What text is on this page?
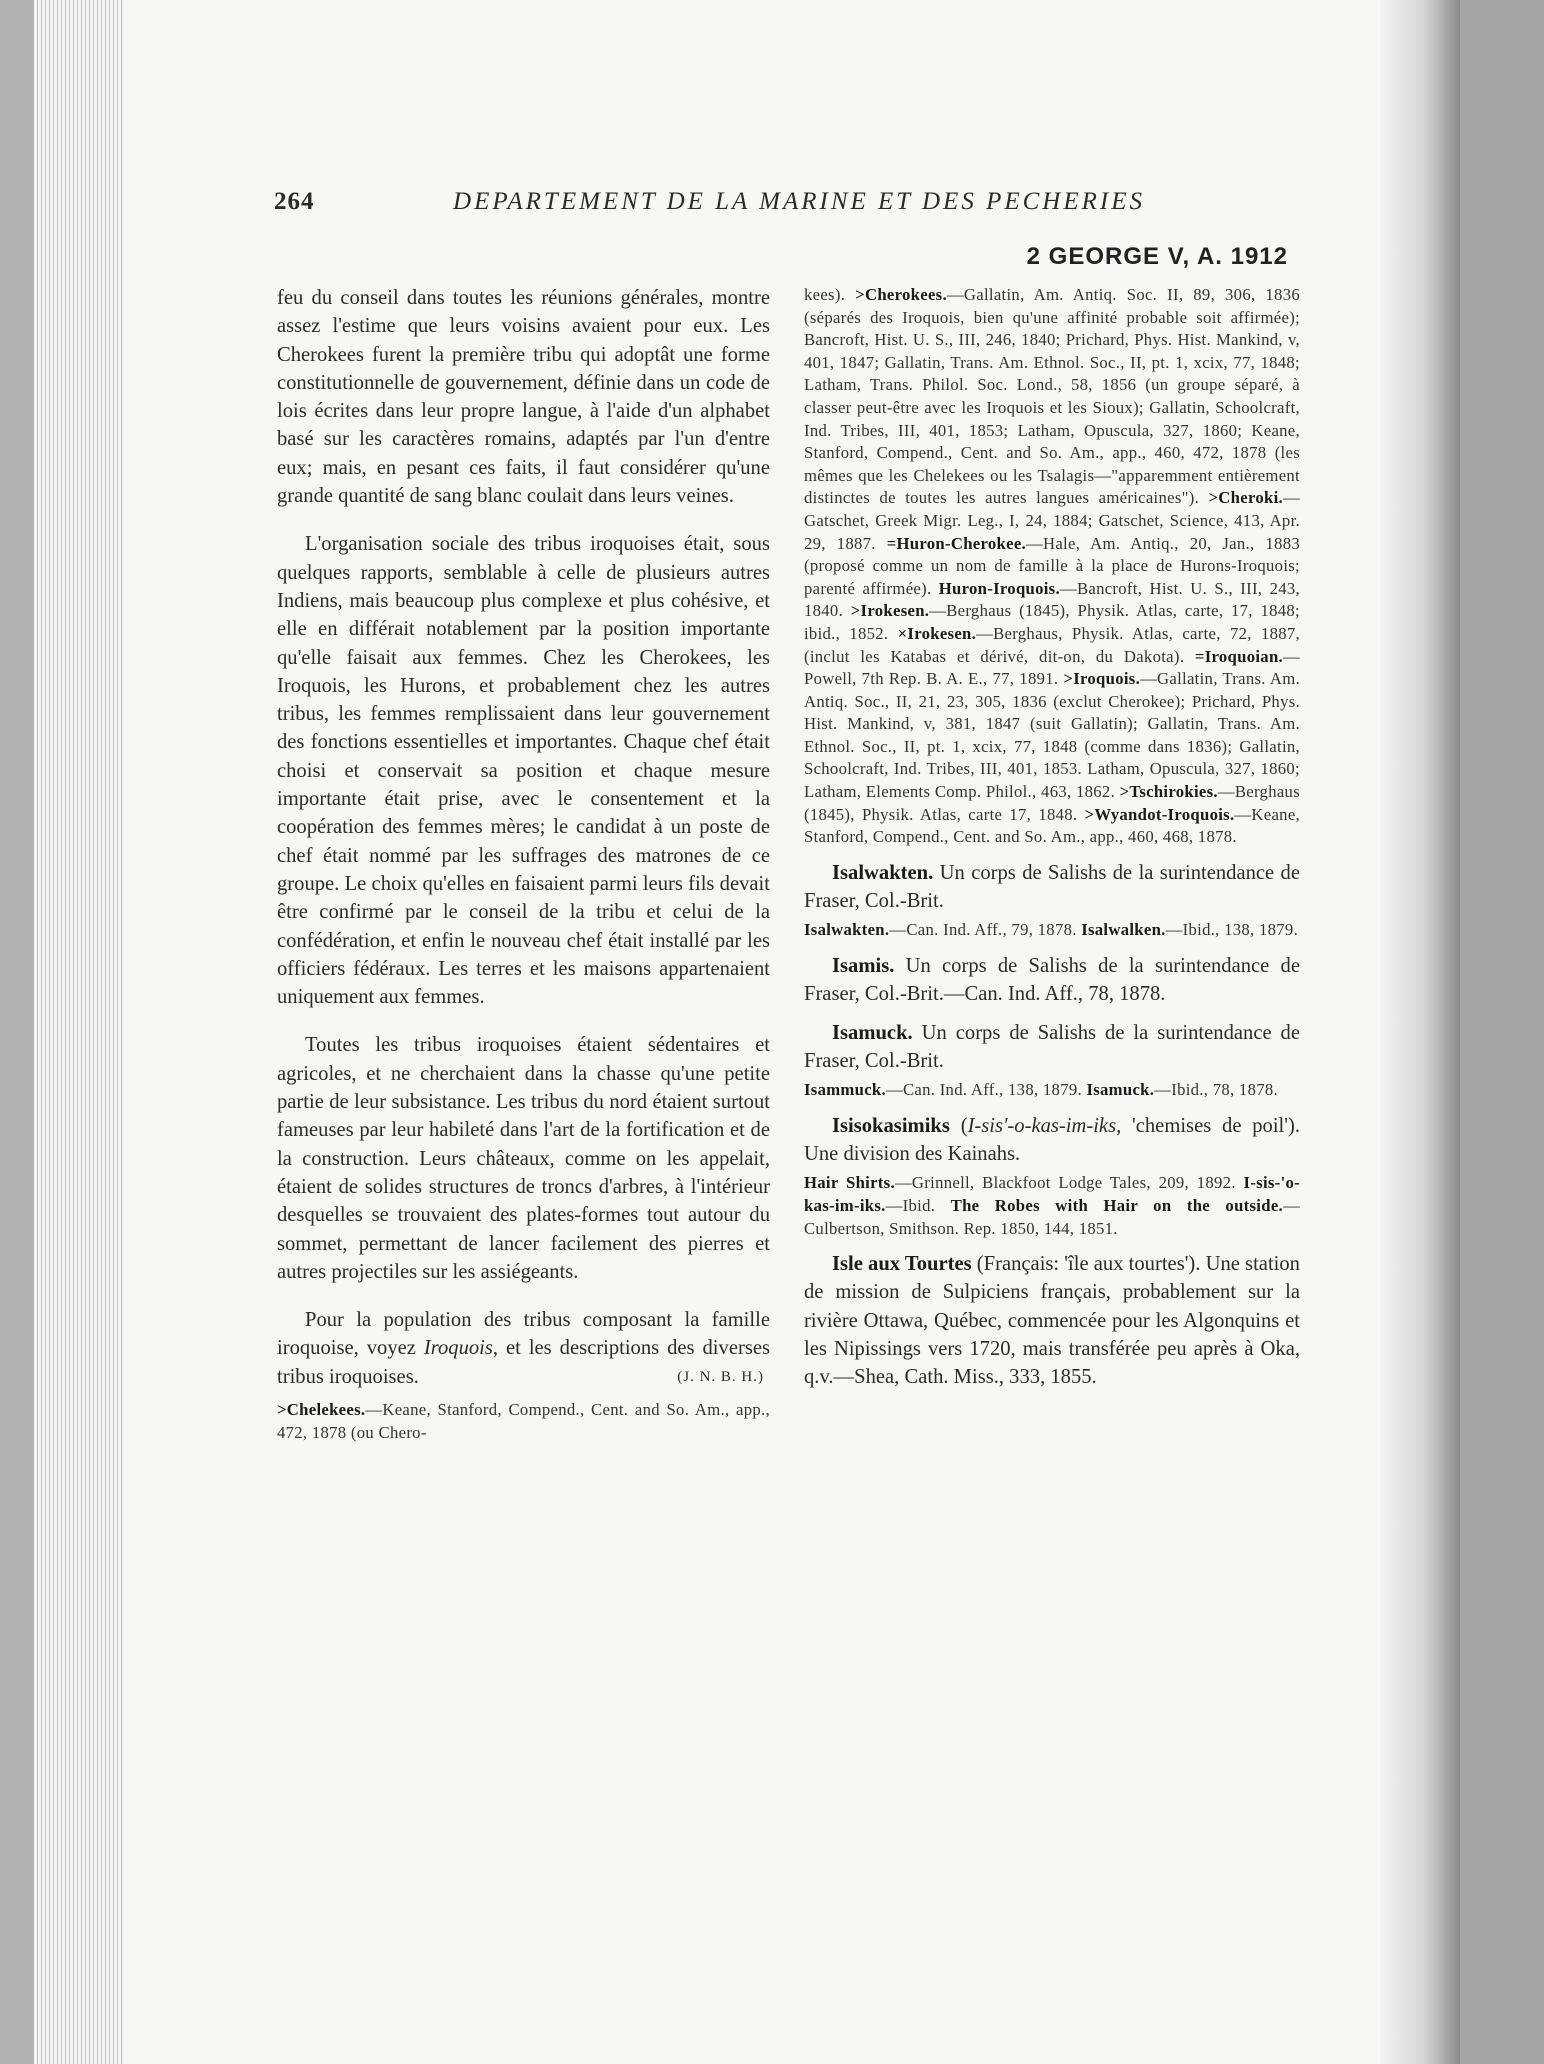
264	DEPARTEMENT DE LA MARINE ET DES PECHERIES
2 GEORGE V, A. 1912

feu du conseil dans toutes les réunions générales, montre assez l'estime que leurs voisins avaient pour eux. Les Cherokees furent la première tribu qui adoptât une forme constitutionnelle de gouvernement, définie dans un code de lois écrites dans leur propre langue, à l'aide d'un alphabet basé sur les caractères romains, adaptés par l'un d'entre eux; mais, en pesant ces faits, il faut considérer qu'une grande quantité de sang blanc coulait dans leurs veines.

L'organisation sociale des tribus iroquoises était, sous quelques rapports, semblable à celle de plusieurs autres Indiens, mais beaucoup plus complexe et plus cohésive, et elle en différait notablement par la position importante qu'elle faisait aux femmes. Chez les Cherokees, les Iroquois, les Hurons, et probablement chez les autres tribus, les femmes remplissaient dans leur gouvernement des fonctions essentielles et importantes. Chaque chef était choisi et conservait sa position et chaque mesure importante était prise, avec le consentement et la coopération des femmes mères; le candidat à un poste de chef était nommé par les suffrages des matrones de ce groupe. Le choix qu'elles en faisaient parmi leurs fils devait être confirmé par le conseil de la tribu et celui de la confédération, et enfin le nouveau chef était installé par les officiers fédéraux. Les terres et les maisons appartenaient uniquement aux femmes.

Toutes les tribus iroquoises étaient sédentaires et agricoles, et ne cherchaient dans la chasse qu'une petite partie de leur subsistance. Les tribus du nord étaient surtout fameuses par leur habileté dans l'art de la fortification et de la construction. Leurs châteaux, comme on les appelait, étaient de solides structures de troncs d'arbres, à l'intérieur desquelles se trouvaient des plates-formes tout autour du sommet, permettant de lancer facilement des pierres et autres projectiles sur les assiégeants.

Pour la population des tribus composant la famille iroquoise, voyez Iroquois, et les descriptions des diverses tribus iroquoises.	(J. N. B. H.)

>Chelekees.—Keane, Stanford, Compend., Cent. and So. Am., app., 472, 1878 (ou Chero-

kees). >Cherokees.—Gallatin, Am. Antiq. Soc. II, 89, 306, 1836 (séparés des Iroquois, bien qu'une affinité probable soit affirmée); Bancroft, Hist. U. S., III, 246, 1840; Prichard, Phys. Hist. Mankind, v, 401, 1847; Gallatin, Trans. Am. Ethnol. Soc., II, pt. 1, xcix, 77, 1848; Latham, Trans. Philol. Soc. Lond., 58, 1856 (un groupe séparé, à classer peut-être avec les Iroquois et les Sioux); Gallatin, Schoolcraft, Ind. Tribes, III, 401, 1853; Latham, Opuscula, 327, 1860; Keane, Stanford, Compend., Cent. and So. Am., app., 460, 472, 1878 (les mêmes que les Chelekees ou les Tsalagis—"apparemment entièrement distinctes de toutes les autres langues américaines"). >Cheroki.—Gatschet, Greek Migr. Leg., I, 24, 1884; Gatschet, Science, 413, Apr. 29, 1887. =Huron-Cherokee.—Hale, Am. Antiq., 20, Jan., 1883 (proposé comme un nom de famille à la place de Hurons-Iroquois; parenté affirmée). Huron-Iroquois.—Bancroft, Hist. U. S., III, 243, 1840. >Irokesen.—Berghaus (1845), Physik. Atlas, carte, 17, 1848; ibid., 1852. ×Irokesen.—Berghaus, Physik. Atlas, carte, 72, 1887, (inclut les Katabas et dérivé, dit-on, du Dakota). =Iroquoian.—Powell, 7th Rep. B. A. E., 77, 1891. >Iroquois.—Gallatin, Trans. Am. Antiq. Soc., II, 21, 23, 305, 1836 (exclut Cherokee); Prichard, Phys. Hist. Mankind, v, 381, 1847 (suit Gallatin); Gallatin, Trans. Am. Ethnol. Soc., II, pt. 1, xcix, 77, 1848 (comme dans 1836); Gallatin, Schoolcraft, Ind. Tribes, III, 401, 1853. Latham, Opuscula, 327, 1860; Latham, Elements Comp. Philol., 463, 1862. >Tschirokies.—Berghaus (1845), Physik. Atlas, carte 17, 1848. >Wyandot-Iroquois.—Keane, Stanford, Compend., Cent. and So. Am., app., 460, 468, 1878.

Isalwakten. Un corps de Salishs de la surintendance de Fraser, Col.-Brit.

Isalwakten.—Can. Ind. Aff., 79, 1878. Isalwalken.—Ibid., 138, 1879.

Isamis. Un corps de Salishs de la surintendance de Fraser, Col.-Brit.—Can. Ind. Aff., 78, 1878.

Isamuck. Un corps de Salishs de la surintendance de Fraser, Col.-Brit.

Isammuck.—Can. Ind. Aff., 138, 1879. Isamuck.—Ibid., 78, 1878.

Isisokasimiks (I-sis'-o-kas-im-iks, 'chemises de poil'). Une division des Kainahs.

Hair Shirts.—Grinnell, Blackfoot Lodge Tales, 209, 1892. I-sis-'o-kas-im-iks.—Ibid. The Robes with Hair on the outside.—Culbertson, Smithson. Rep. 1850, 144, 1851.

Isle aux Tourtes (Français: 'île aux tourtes'). Une station de mission de Sulpiciens français, probablement sur la rivière Ottawa, Québec, commencée pour les Algonquins et les Nipissings vers 1720, mais transférée peu après à Oka, q.v.—Shea, Cath. Miss., 333, 1855.
